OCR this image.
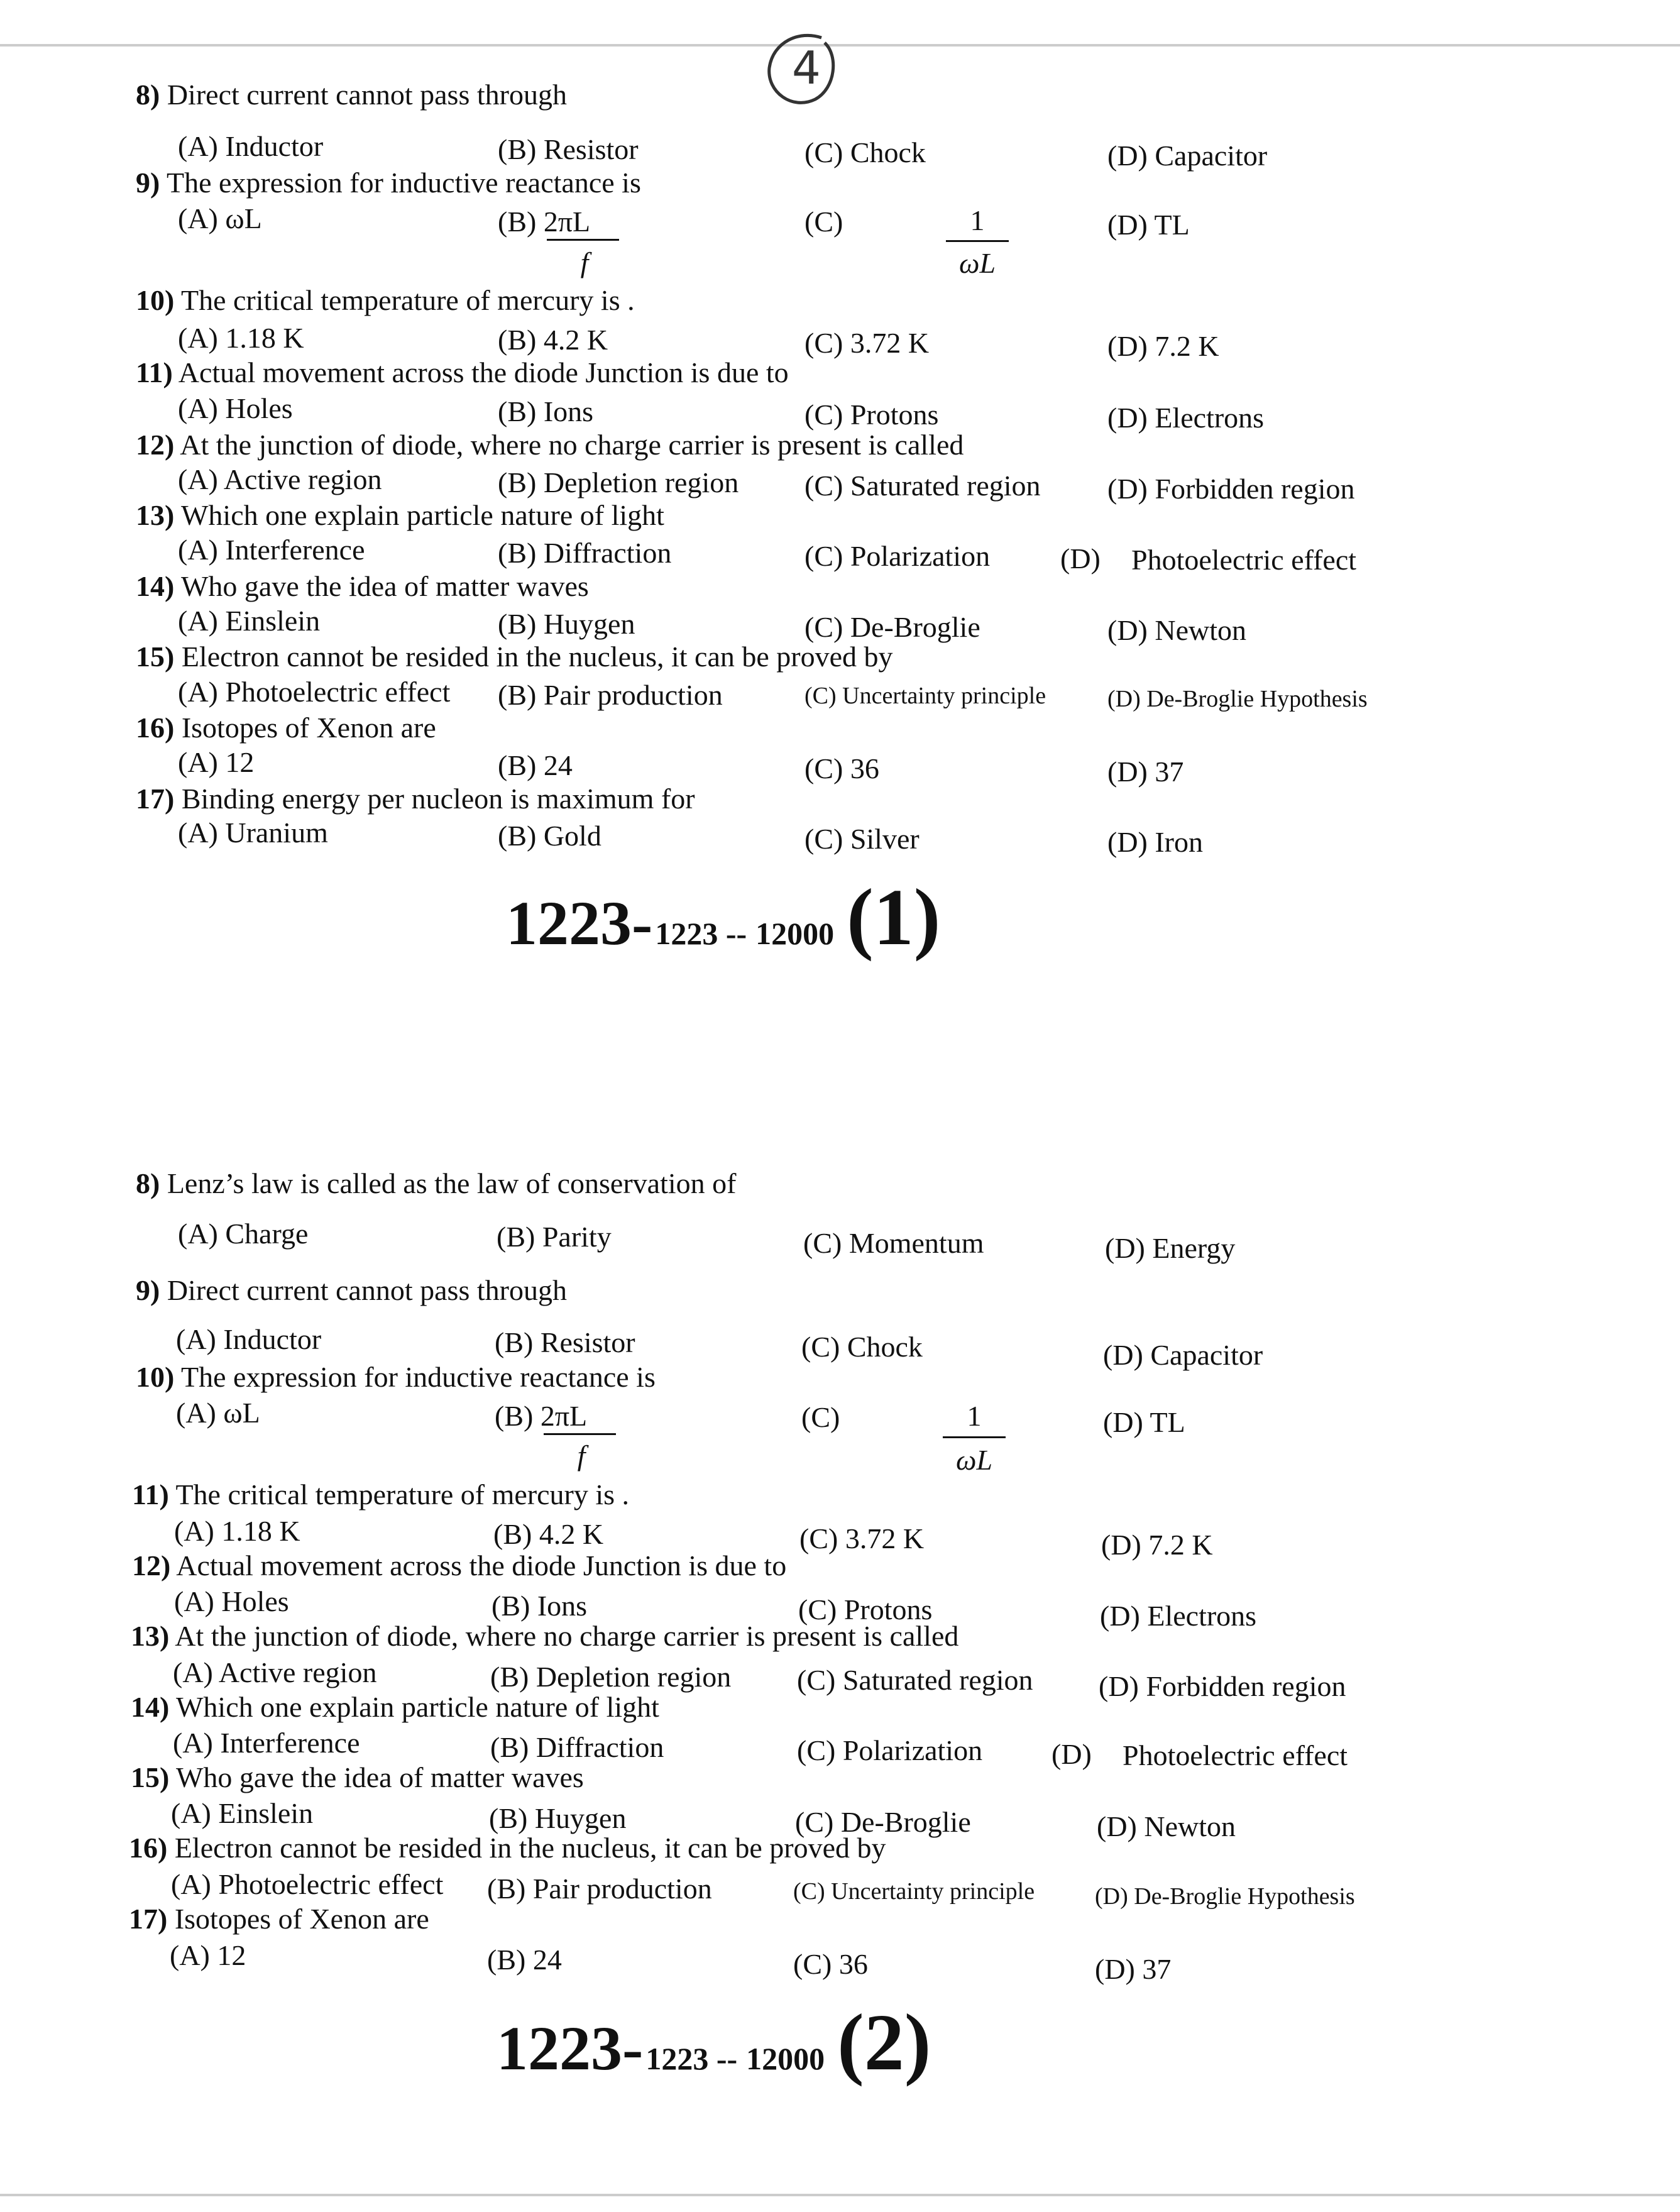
4
8) Direct current cannot pass through
(A) Inductor	(B) Resistor	(C) Chock	(D) Capacitor
9) The expression for inductive reactance is
(A) ωL	(B) 2πL
f
(C)	1
ωL
(D) TL
10) The critical temperature of mercury is .
(A) 1.18 K	(B) 4.2 K	(C) 3.72 K	(D) 7.2 K
11) Actual movement across the diode Junction is due to
(A) Holes	(B) Ions	(C) Protons	(D) Electrons
12) At the junction of diode, where no charge carrier is present is called
(A) Active region	(B) Depletion region (C) Saturated region (D) Forbidden region
13) Which one explain particle nature of light
(A) Interference	(B) Diffraction	(C) Polarization (D) Photoelectric effect
14) Who gave the idea of matter waves
(A) Einslein	(B) Huygen	(C) De-Broglie	(D) Newton
15) Electron cannot be resided in the nucleus, it can be proved by
(A) Photoelectric effect (B) Pair production	(C) Uncertainty principle	(D) De-Broglie Hypothesis
16) Isotopes of Xenon are
(A) 12	(B) 24	(C) 36	(D) 37
17) Binding energy per nucleon is maximum for
(A) Uranium	(B) Gold	(C) Silver	(D) Iron
1223- 1223 -- 12000 (1)
8) Lenz’s law is called as the law of conservation of
(A) Charge	(B) Parity	(C) Momentum	(D) Energy
9) Direct current cannot pass through
(A) Inductor	(B) Resistor	(C) Chock	(D) Capacitor
10) The expression for inductive reactance is
(A) ωL	(B) 2πL
f
(C)	1
ωL
(D) TL
11) The critical temperature of mercury is .
(A) 1.18 K	(B) 4.2 K	(C) 3.72 K	(D) 7.2 K
12) Actual movement across the diode Junction is due to
(A) Holes	(B) Ions	(C) Protons	(D) Electrons
13) At the junction of diode, where no charge carrier is present is called
(A) Active region	(B) Depletion region (C) Saturated region (D) Forbidden region
14) Which one explain particle nature of light
(A) Interference	(B) Diffraction	(C) Polarization (D) Photoelectric effect
15) Who gave the idea of matter waves
(A) Einslein	(B) Huygen	(C) De-Broglie	(D) Newton
16) Electron cannot be resided in the nucleus, it can be proved by
(A) Photoelectric effect (B) Pair production	(C) Uncertainty principle	(D) De-Broglie Hypothesis
17) Isotopes of Xenon are
(A) 12	(B) 24	(C) 36	(D) 37
1223- 1223 -- 12000 (2)
